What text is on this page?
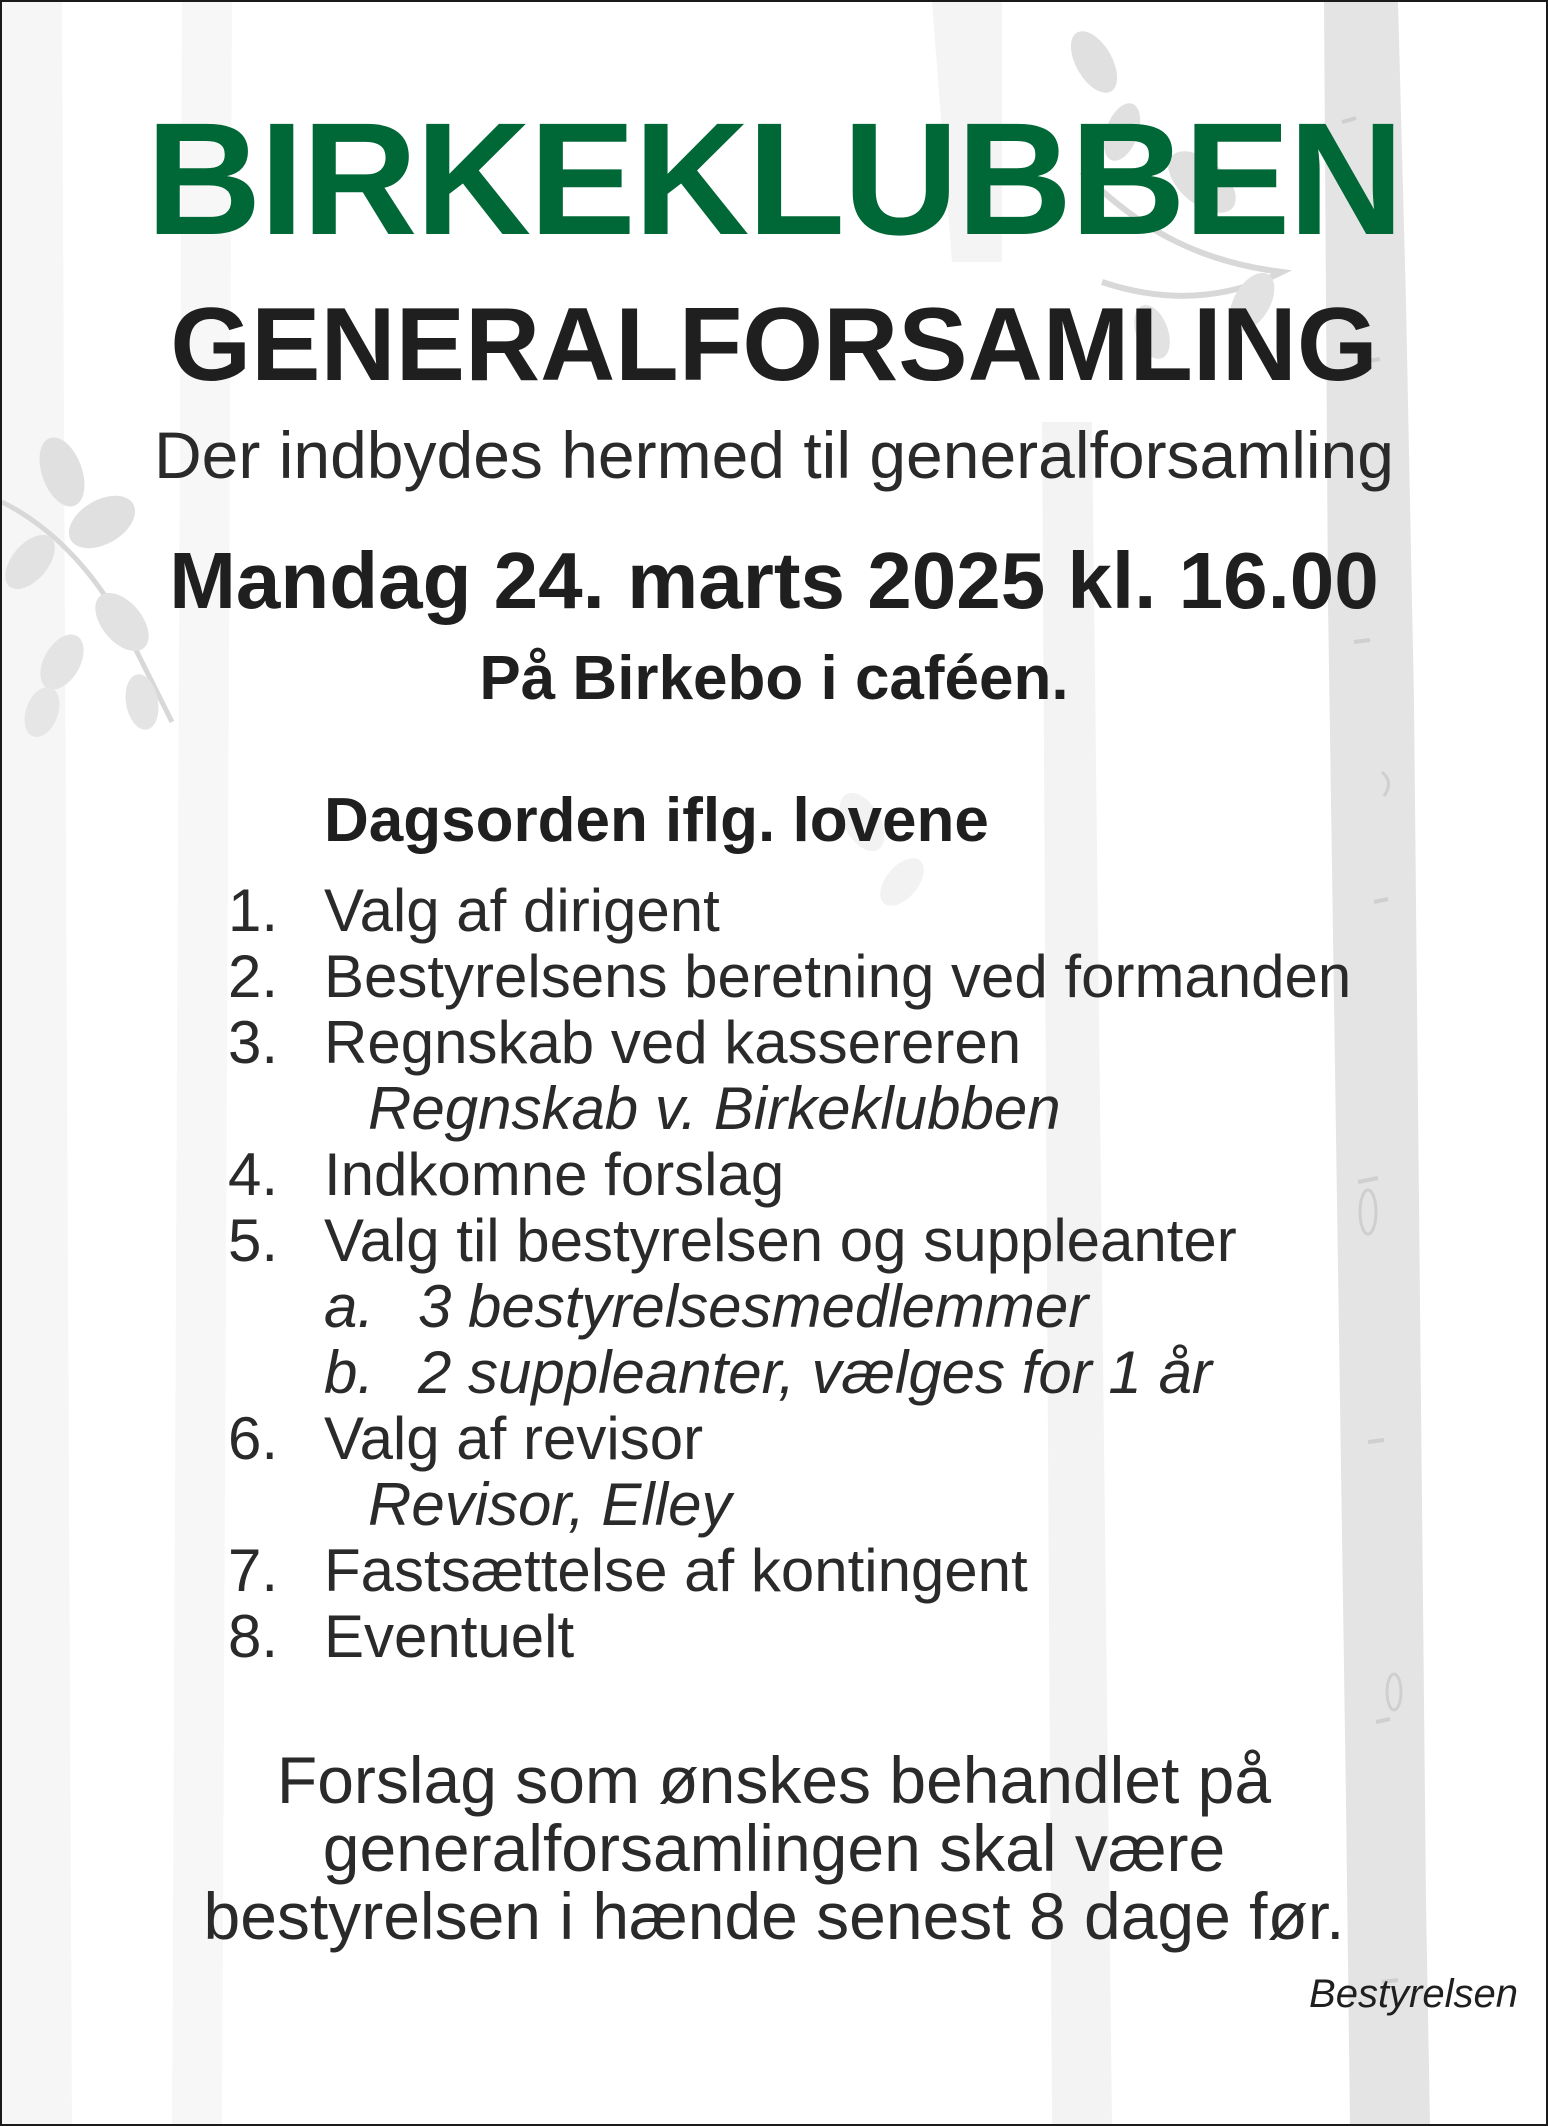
BIRKEKLUBBEN
GENERALFORSAMLING

Der indbydes hermed til generalforsamling

Mandag 24. marts 2025 kl. 16.00

På Birkebo i caféen.

Dagsorden iflg. lovene
1. Valg af dirigent
2. Bestyrelsens beretning ved formanden
3. Regnskab ved kassereren
Regnskab v. Birkeklubben
4. Indkomne forslag
5. Valg til bestyrelsen og suppleanter
a. 3 bestyrelsesmedlemmer
b. 2 suppleanter, vælges for 1 år
6. Valg af revisor
Revisor, Elley
7. Fastsættelse af kontingent
8. Eventuelt

Forslag som ønskes behandlet på
generalforsamlingen skal være
bestyrelsen i hænde senest 8 dage før.

Bestyrelsen
